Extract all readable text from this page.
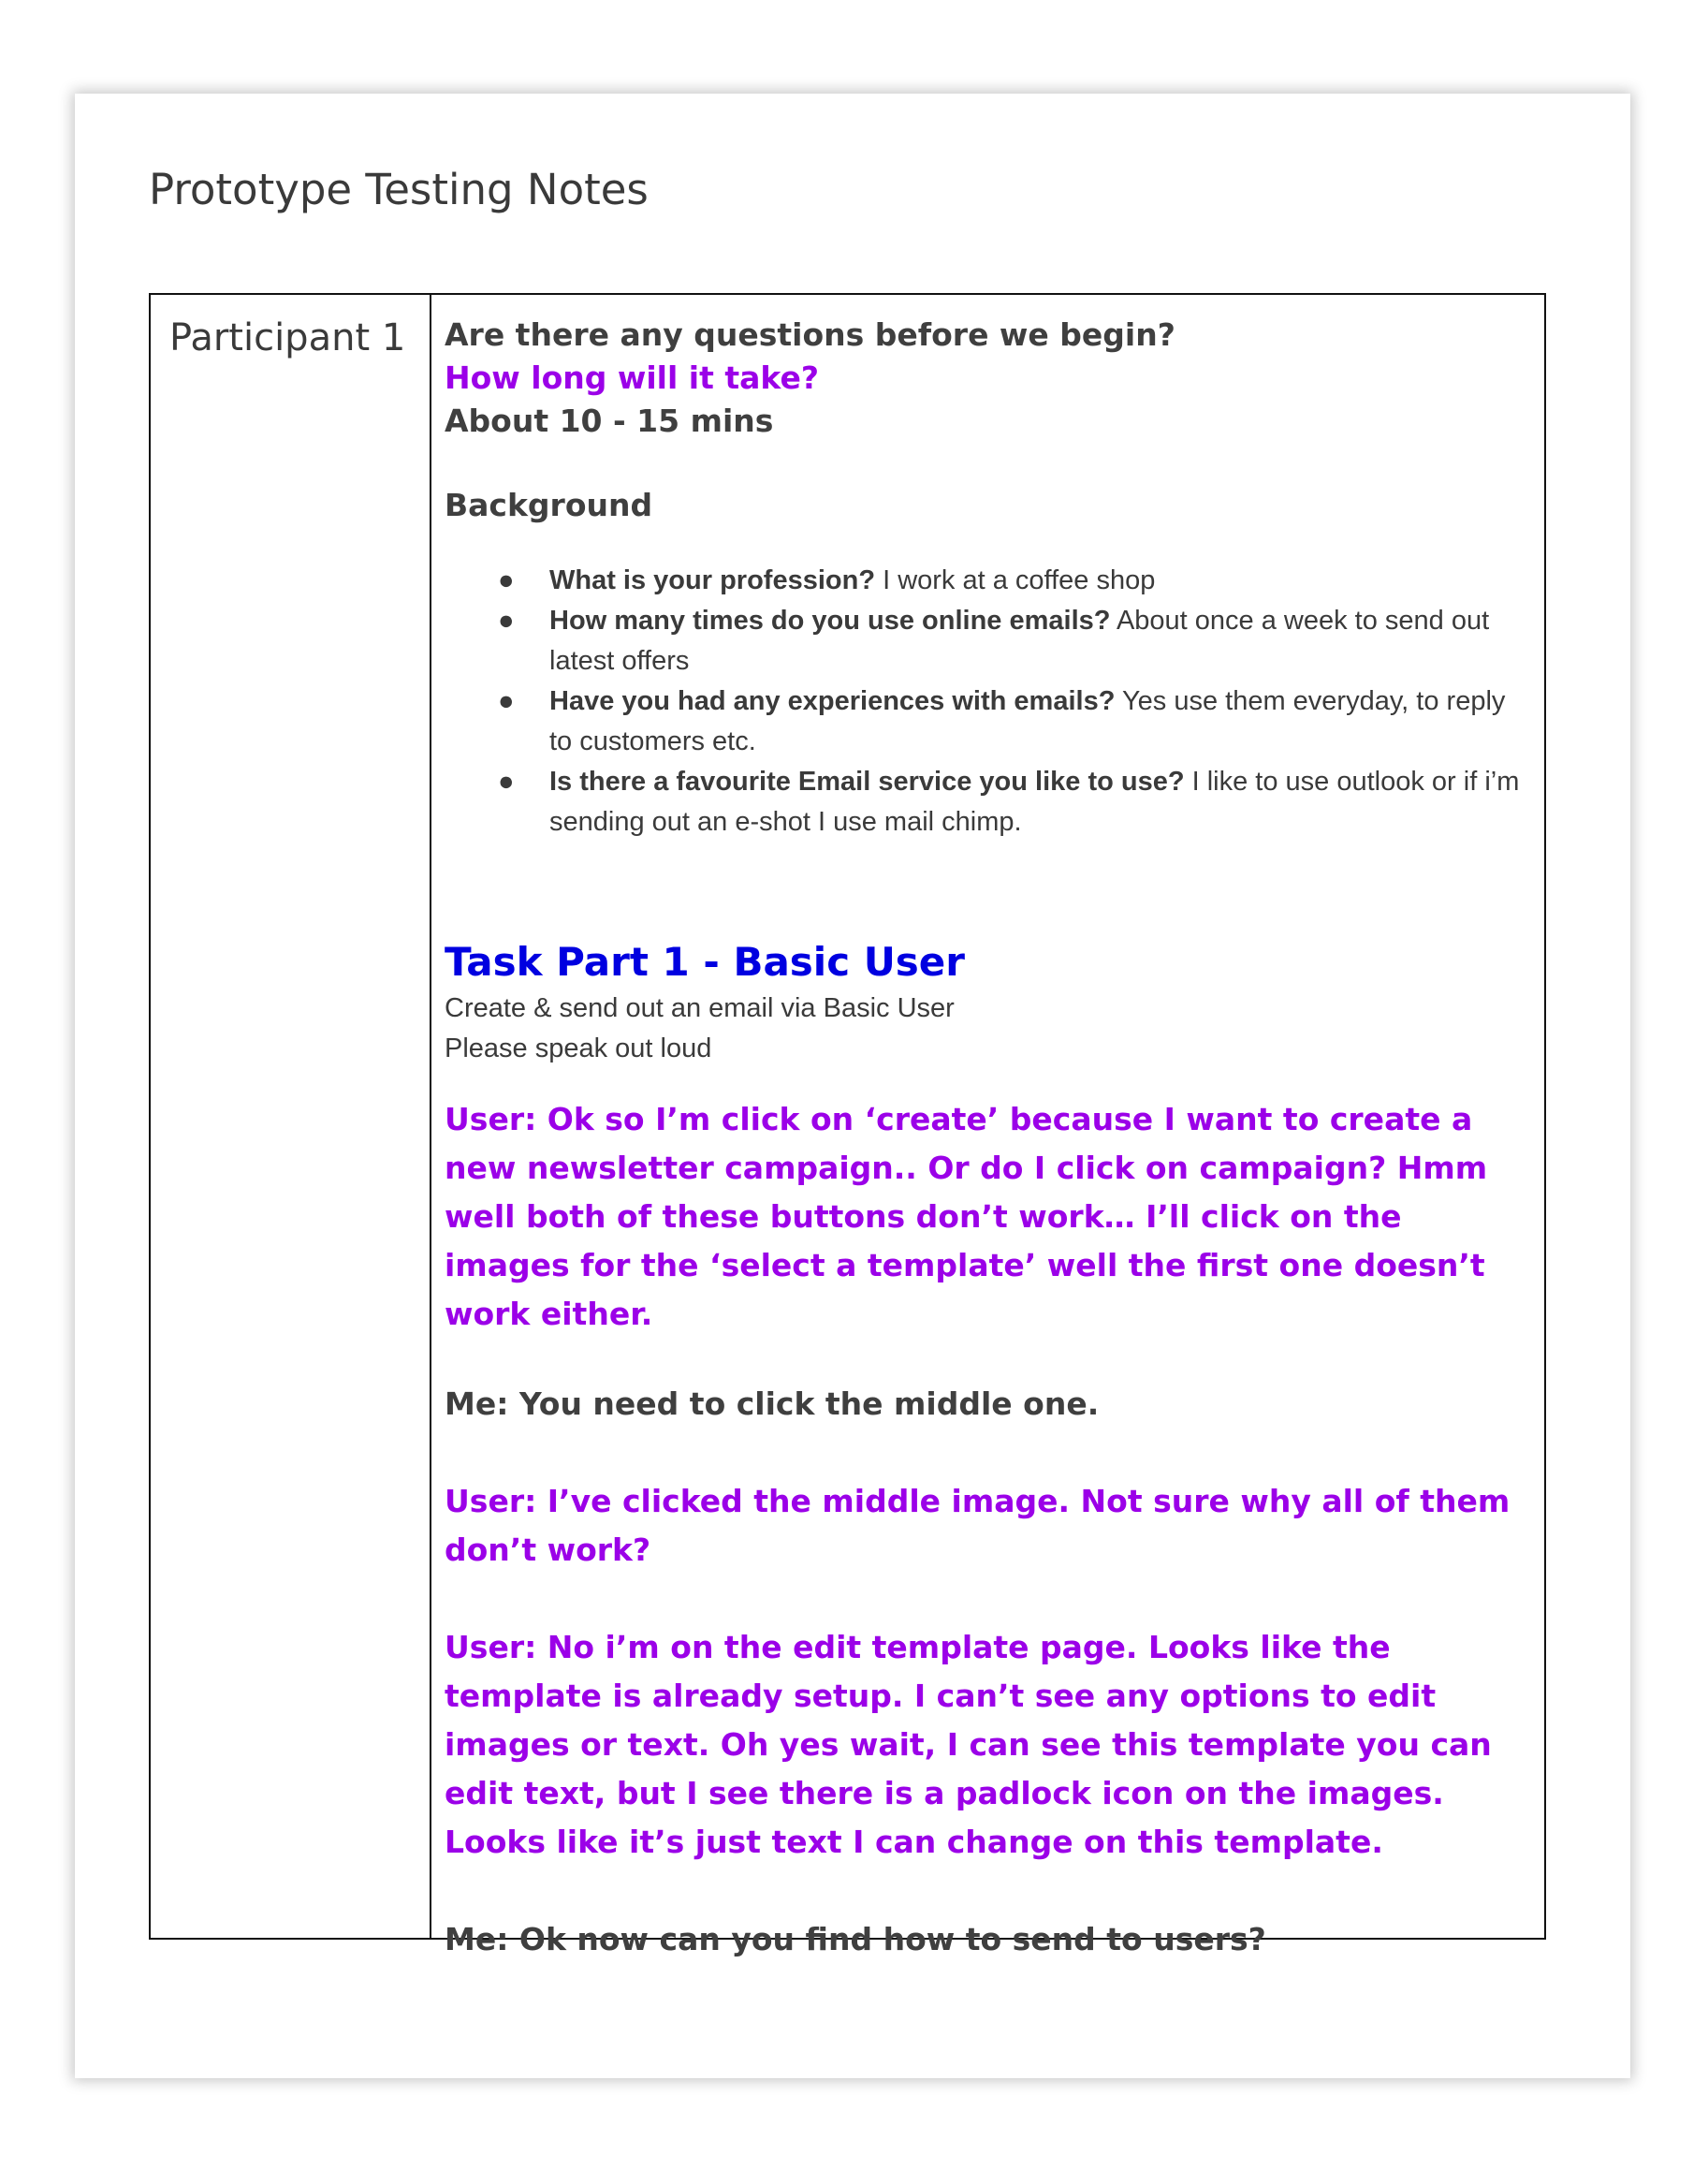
Prototype Testing Notes
Participant 1	Are there any questions before we begin?

How long will it take?

About 10 - 15 mins

Background

● What is your profession? I work at a coffee shop
● How many times do you use online emails? About once a week to send out latest offers
● Have you had any experiences with emails? Yes use them everyday, to reply to customers etc.
● Is there a favourite Email service you like to use? I like to use outlook or if i’m sending out an e-shot I use mail chimp.
Task Part 1 - Basic User

Create & send out an email via Basic User

Please speak out loud

User: Ok so I’m click on ‘create’ because I want to create a new newsletter campaign.. Or do I click on campaign? Hmm well both of these buttons don’t work… I’ll click on the images for the ‘select a template’ well the first one doesn’t work either.

Me: You need to click the middle one.

User: I’ve clicked the middle image. Not sure why all of them don’t work?

User: No i’m on the edit template page. Looks like the template is already setup. I can’t see any options to edit images or text. Oh yes wait, I can see this template you can edit text, but I see there is a padlock icon on the images. Looks like it’s just text I can change on this template.

Me: Ok now can you find how to send to users?
